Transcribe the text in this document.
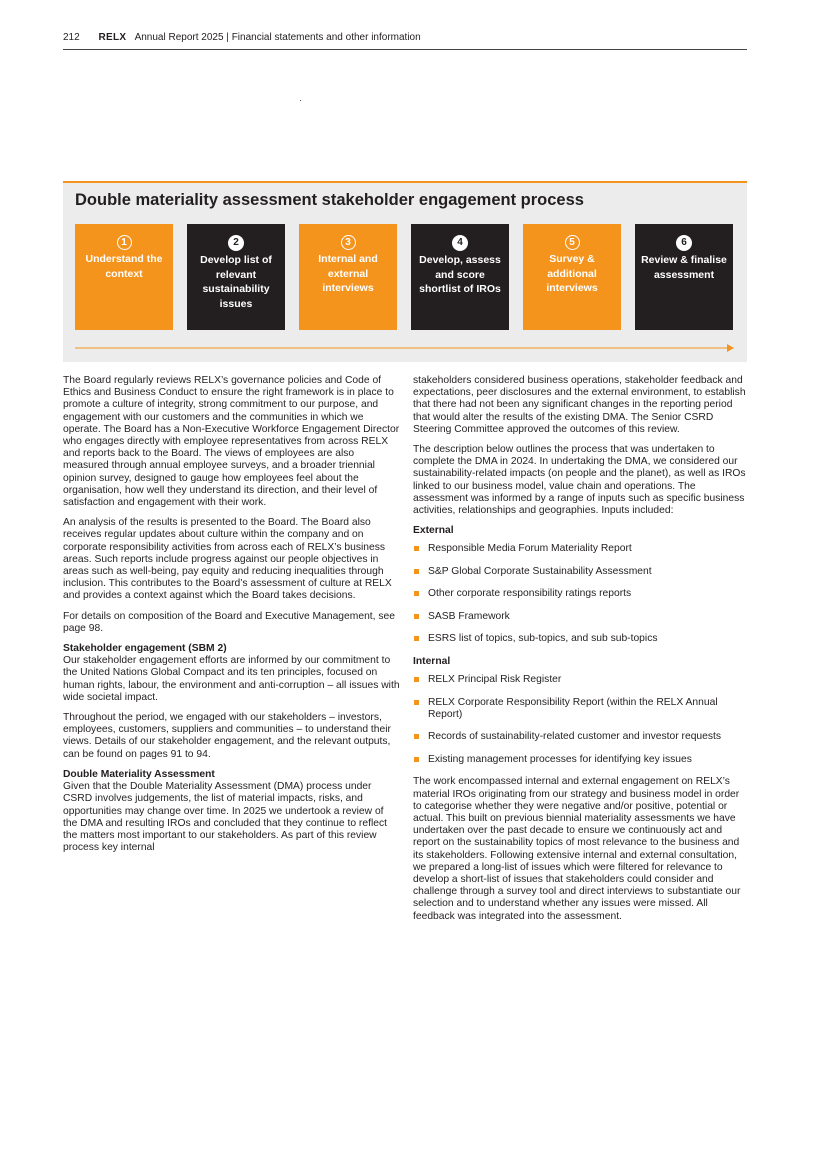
212 RELX Annual Report 2025 | Financial statements and other information
Double materiality assessment stakeholder engagement process
1
Understand the context
2
Develop list of relevant sustainability issues
3
Internal and external interviews
4
Develop, assess and score shortlist of IROs
5
Survey & additional interviews
6
Review & finalise assessment

The Board regularly reviews RELX’s governance policies and Code of Ethics and Business Conduct to ensure the right framework is in place to promote a culture of integrity, strong commitment to our purpose, and engagement with our customers and the communities in which we operate. The Board has a Non-Executive Workforce Engagement Director who engages directly with employee representatives from across RELX and reports back to the Board. The views of employees are also measured through annual employee surveys, and a broader triennial opinion survey, designed to gauge how employees feel about the organisation, how well they understand its direction, and their level of satisfaction and engagement with their work.

An analysis of the results is presented to the Board. The Board also receives regular updates about culture within the company and on corporate responsibility activities from across each of RELX’s business areas. Such reports include progress against our people objectives in areas such as well-being, pay equity and reducing inequalities through inclusion. This contributes to the Board’s assessment of culture at RELX and provides a context against which the Board takes decisions.

For details on composition of the Board and Executive Management, see page 98.

Stakeholder engagement (SBM 2)

Our stakeholder engagement efforts are informed by our commitment to the United Nations Global Compact and its ten principles, focused on human rights, labour, the environment and anti-corruption – all issues with wide societal impact.

Throughout the period, we engaged with our stakeholders – investors, employees, customers, suppliers and communities – to understand their views. Details of our stakeholder engagement, and the relevant outputs, can be found on pages 91 to 94.

Double Materiality Assessment

Given that the Double Materiality Assessment (DMA) process under CSRD involves judgements, the list of material impacts, risks, and opportunities may change over time. In 2025 we undertook a review of the DMA and resulting IROs and concluded that they continue to reflect the matters most important to our stakeholders. As part of this review process key internal

stakeholders considered business operations, stakeholder feedback and expectations, peer disclosures and the external environment, to establish that there had not been any significant changes in the reporting period that would alter the results of the existing DMA. The Senior CSRD Steering Committee approved the outcomes of this review.

The description below outlines the process that was undertaken to complete the DMA in 2024. In undertaking the DMA, we considered our sustainability-related impacts (on people and the planet), as well as IROs linked to our business model, value chain and operations. The assessment was informed by a range of inputs such as specific business activities, relationships and geographies. Inputs included:

External
Responsible Media Forum Materiality Report
S&P Global Corporate Sustainability Assessment
Other corporate responsibility ratings reports
SASB Framework
ESRS list of topics, sub-topics, and sub sub-topics
Internal
RELX Principal Risk Register
RELX Corporate Responsibility Report (within the RELX Annual Report)
Records of sustainability-related customer and investor requests
Existing management processes for identifying key issues

The work encompassed internal and external engagement on RELX’s material IROs originating from our strategy and business model in order to categorise whether they were negative and/or positive, potential or actual. This built on previous biennial materiality assessments we have undertaken over the past decade to ensure we continuously act and report on the sustainability topics of most relevance to the business and its stakeholders. Following extensive internal and external consultation, we prepared a long-list of issues which were filtered for relevance to develop a short-list of issues that stakeholders could consider and challenge through a survey tool and direct interviews to substantiate our selection and to understand whether any issues were missed. All feedback was integrated into the assessment.
